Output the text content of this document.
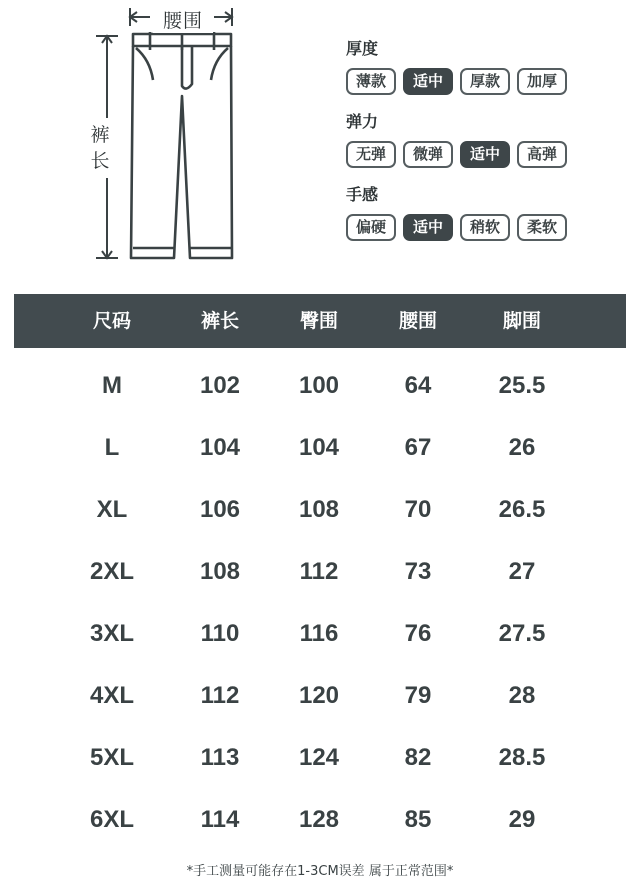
腰围
裤
长
厚度
薄款	适中	厚款	加厚
弹力
无弹	微弹	适中	高弹
手感
偏硬	适中	稍软	柔软
尺码	裤长	臀围	腰围	脚围
M	102	100	64	25.5
L	104	104	67	26
XL	106	108	70	26.5
2XL	108	112	73	27
3XL	110	116	76	27.5
4XL	112	120	79	28
5XL	113	124	82	28.5
6XL	114	128	85	29
*手工测量可能存在1-3CM误差 属于正常范围*
